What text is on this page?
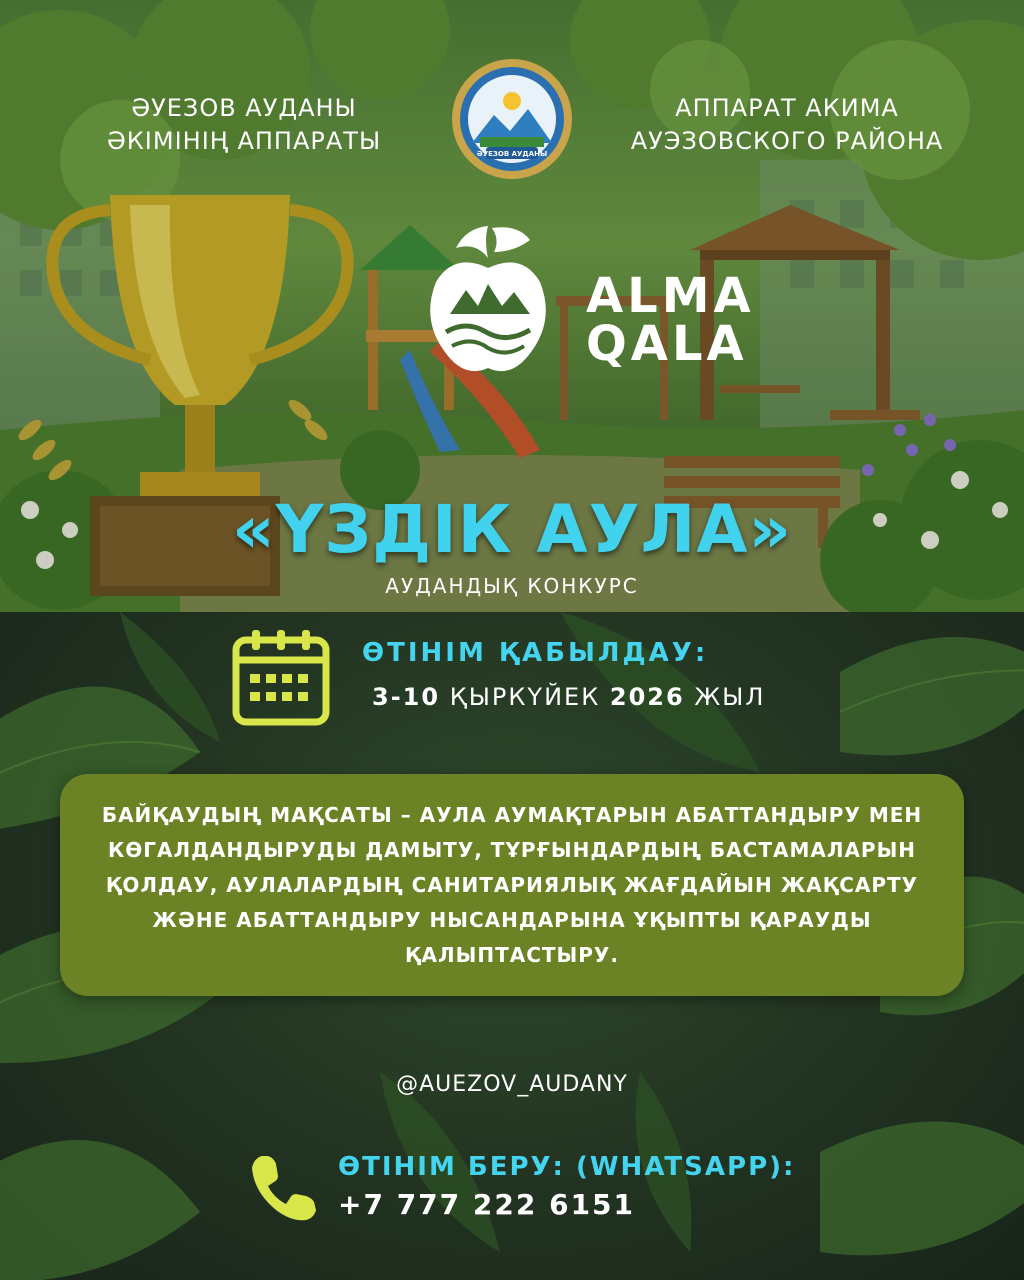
ӘУЕЗОВ АУДАНЫ
ӘКІМІНІҢ АППАРАТЫ	ӘУЕЗОВ АУДАНЫ
АППАРАТ АКИМА
АУЭЗОВСКОГО РАЙОНА
ALMA
QALA
«ҮЗДІК АУЛА»
АУДАНДЫҚ КОНКУРС
ӨТІНІМ ҚАБЫЛДАУ:
3-10 ҚЫРКҮЙЕК 2026 ЖЫЛ
БАЙҚАУДЫҢ МАҚСАТЫ – АУЛА АУМАҚТАРЫН АБАТТАНДЫРУ МЕН КӨГАЛДАНДЫРУДЫ ДАМЫТУ, ТҰРҒЫНДАРДЫҢ БАСТАМАЛАРЫН ҚОЛДАУ, АУЛАЛАРДЫҢ САНИТАРИЯЛЫҚ ЖАҒДАЙЫН ЖАҚСАРТУ ЖӘНЕ АБАТТАНДЫРУ НЫСАНДАРЫНА ҰҚЫПТЫ ҚАРАУДЫ ҚАЛЫПТАСТЫРУ.
@AUEZOV_AUDANY
ӨТІНІМ БЕРУ: (WHATSAPP):
+7 777 222 6151
